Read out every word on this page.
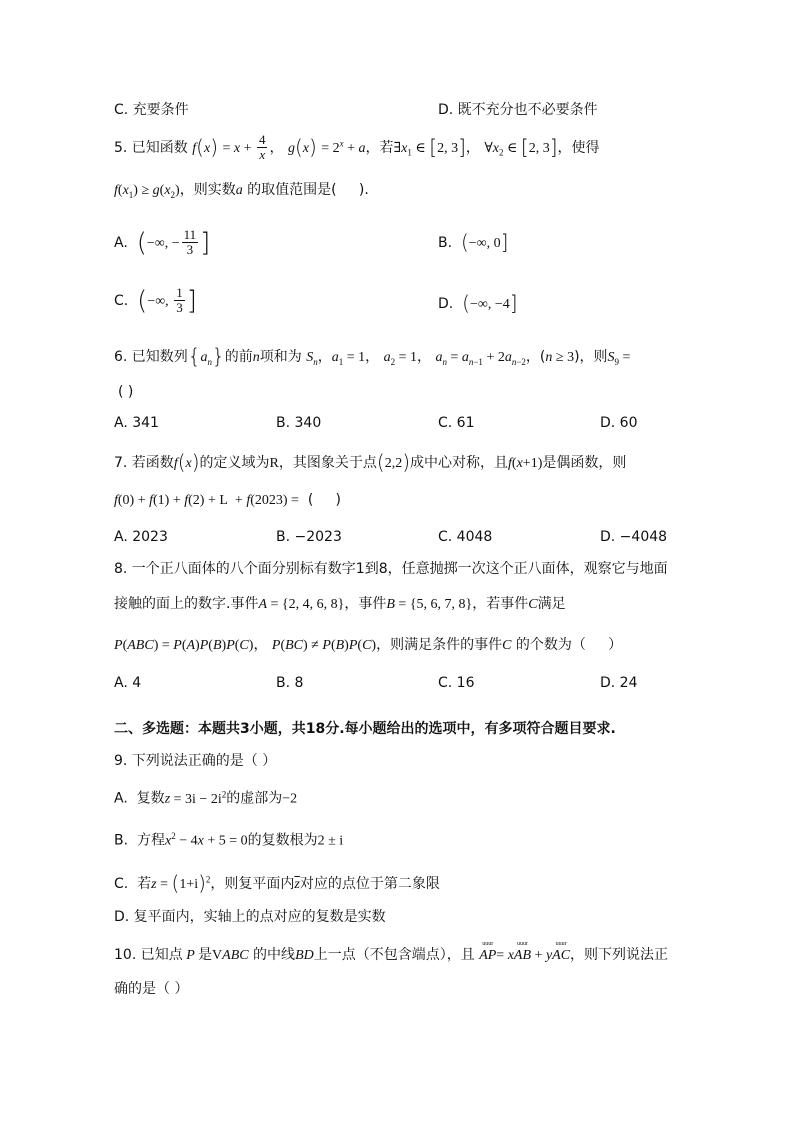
C. 充要条件	D. 既不充分也不必要条件
5. 已知函数 $f(x) = x + \frac{4}{x}$ ， $g(x) = 2^x + a$，若$\exists x_1$ ∈ [2, 3]， $\forall x_2$ ∈ [2, 3]，使得
$f(x_1) \ge g(x_2)$，则实数a 的取值范围是(     ).
A.  (−∞, − $\frac{11}{3}$ ]	B.  (−∞, 0]
C.  (−∞, $\frac{1}{3}$ ]	D.  (−∞, −4]
6. 已知数列$\{a_n\}$的前n项和为 $S_n$，$a_1 = 1$， $a_2 = 1$， $a_n = a_{n-1} + 2a_{n-2}$，(n ≥ 3)，则$S_9$ =
( )
A. 341	B. 340	C. 61	D. 60
7. 若函数f(x)的定义域为R，其图象关于点(2,2)成中心对称，且f(x+1)是偶函数，则
f(0) + f(1) + f(2) + L  + f(2023) =  (     )
A. 2023	B. −2023	C. 4048	D. −4048
8. 一个正八面体的八个面分别标有数字1到8，任意抛掷一次这个正八面体，观察它与地面
接触的面上的数字.事件A = {2, 4, 6, 8}，事件B = {5, 6, 7, 8}，若事件C满足
P(ABC) = P(A)P(B)P(C)， P(BC) ≠ P(B)P(C)，则满足条件的事件C 的个数为（     ）
A. 4	B. 8	C. 16	D. 24
二、多选题：本题共3小题，共18分.每小题给出的选项中，有多项符合题目要求.
9. 下列说法正确的是（ ）
A.  复数$z = 3i - 2i^2$的虚部为−2
B.  方程$x^2 - 4x + 5 = 0$的复数根为2 ± i
C.  若$z = (1+i)^2$，则复平面内$\overline{z}$对应的点位于第二象限
D. 复平面内，实轴上的点对应的复数是实数
10. 已知点 P 是VABC 的中线BD上一点（不包含端点），且
uuur
AP= x
uuur
AB + y
uuur
AC，则下列说法正
确的是（ ）
